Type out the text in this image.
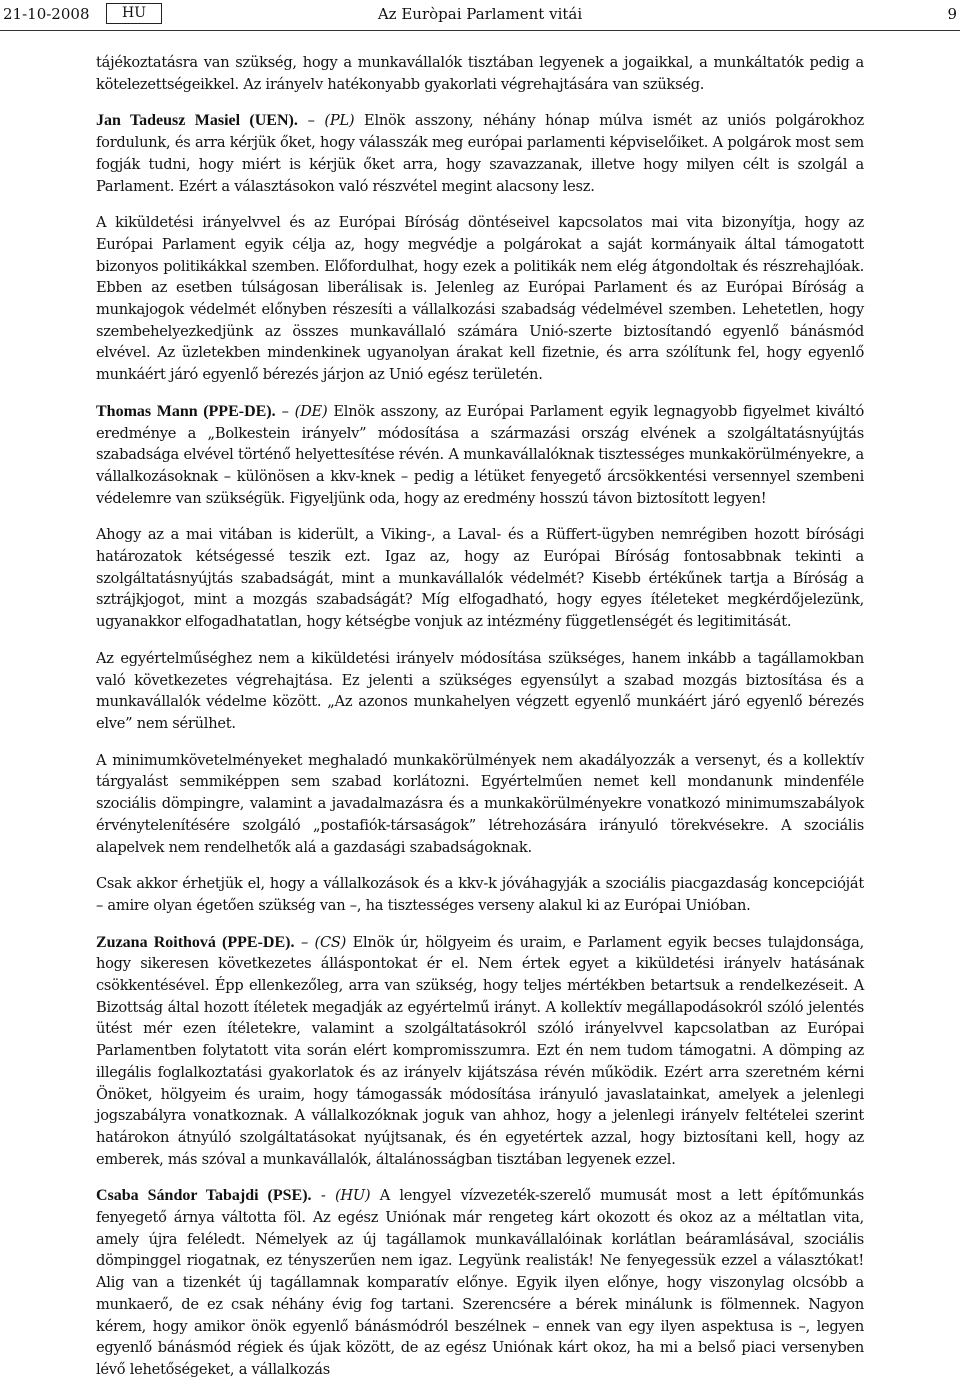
21-10-2008	HU	Az Euròpai Parlament vitái	9

tájékoztatásra van szükség, hogy a munkavállalók tisztában legyenek a jogaikkal, a munkáltatók pedig a kötelezettségeikkel. Az irányelv hatékonyabb gyakorlati végrehajtására van szükség.

Jan Tadeusz Masiel (UEN). – (PL) Elnök asszony, néhány hónap múlva ismét az uniós polgárokhoz fordulunk, és arra kérjük őket, hogy válasszák meg európai parlamenti képviselőiket. A polgárok most sem fogják tudni, hogy miért is kérjük őket arra, hogy szavazzanak, illetve hogy milyen célt is szolgál a Parlament. Ezért a választásokon való részvétel megint alacsony lesz.

A kiküldetési irányelvvel és az Európai Bíróság döntéseivel kapcsolatos mai vita bizonyítja, hogy az Európai Parlament egyik célja az, hogy megvédje a polgárokat a saját kormányaik által támogatott bizonyos politikákkal szemben. Előfordulhat, hogy ezek a politikák nem elég átgondoltak és részrehajlóak. Ebben az esetben túlságosan liberálisak is. Jelenleg az Európai Parlament és az Európai Bíróság a munkajogok védelmét előnyben részesíti a vállalkozási szabadság védelmével szemben. Lehetetlen, hogy szembehelyezkedjünk az összes munkavállaló számára Unió-szerte biztosítandó egyenlő bánásmód elvével. Az üzletekben mindenkinek ugyanolyan árakat kell fizetnie, és arra szólítunk fel, hogy egyenlő munkáért járó egyenlő bérezés járjon az Unió egész területén.

Thomas Mann (PPE-DE). – (DE) Elnök asszony, az Európai Parlament egyik legnagyobb figyelmet kiváltó eredménye a „Bolkestein irányelv” módosítása a származási ország elvének a szolgáltatásnyújtás szabadsága elvével történő helyettesítése révén. A munkavállalóknak tisztességes munkakörülményekre, a vállalkozásoknak – különösen a kkv-knek – pedig a létüket fenyegető árcsökkentési versennyel szembeni védelemre van szükségük. Figyeljünk oda, hogy az eredmény hosszú távon biztosított legyen!

Ahogy az a mai vitában is kiderült, a Viking-, a Laval- és a Rüffert-ügyben nemrégiben hozott bírósági határozatok kétségessé teszik ezt. Igaz az, hogy az Európai Bíróság fontosabbnak tekinti a szolgáltatásnyújtás szabadságát, mint a munkavállalók védelmét? Kisebb értékűnek tartja a Bíróság a sztrájkjogot, mint a mozgás szabadságát? Míg elfogadható, hogy egyes ítéleteket megkérdőjelezünk, ugyanakkor elfogadhatatlan, hogy kétségbe vonjuk az intézmény függetlenségét és legitimitását.

Az egyértelműséghez nem a kiküldetési irányelv módosítása szükséges, hanem inkább a tagállamokban való következetes végrehajtása. Ez jelenti a szükséges egyensúlyt a szabad mozgás biztosítása és a munkavállalók védelme között. „Az azonos munkahelyen végzett egyenlő munkáért járó egyenlő bérezés elve” nem sérülhet.

A minimumkövetelményeket meghaladó munkakörülmények nem akadályozzák a versenyt, és a kollektív tárgyalást semmiképpen sem szabad korlátozni. Egyértelműen nemet kell mondanunk mindenféle szociális dömpingre, valamint a javadalmazásra és a munkakörülményekre vonatkozó minimumszabályok érvénytelenítésére szolgáló „postafiók-társaságok” létrehozására irányuló törekvésekre. A szociális alapelvek nem rendelhetők alá a gazdasági szabadságoknak.

Csak akkor érhetjük el, hogy a vállalkozások és a kkv-k jóváhagyják a szociális piacgazdaság koncepcióját – amire olyan égetően szükség van –, ha tisztességes verseny alakul ki az Európai Unióban.

Zuzana Roithová (PPE-DE). – (CS) Elnök úr, hölgyeim és uraim, e Parlament egyik becses tulajdonsága, hogy sikeresen következetes álláspontokat ér el. Nem értek egyet a kiküldetési irányelv hatásának csökkentésével. Épp ellenkezőleg, arra van szükség, hogy teljes mértékben betartsuk a rendelkezéseit. A Bizottság által hozott ítéletek megadják az egyértelmű irányt. A kollektív megállapodásokról szóló jelentés ütést mér ezen ítéletekre, valamint a szolgáltatásokról szóló irányelvvel kapcsolatban az Európai Parlamentben folytatott vita során elért kompromisszumra. Ezt én nem tudom támogatni. A dömping az illegális foglalkoztatási gyakorlatok és az irányelv kijátszása révén működik. Ezért arra szeretném kérni Önöket, hölgyeim és uraim, hogy támogassák módosítása irányuló javaslatainkat, amelyek a jelenlegi jogszabályra vonatkoznak. A vállalkozóknak joguk van ahhoz, hogy a jelenlegi irányelv feltételei szerint határokon átnyúló szolgáltatásokat nyújtsanak, és én egyetértek azzal, hogy biztosítani kell, hogy az emberek, más szóval a munkavállalók, általánosságban tisztában legyenek ezzel.

Csaba Sándor Tabajdi (PSE). - (HU) A lengyel vízvezeték-szerelő mumusát most a lett építőmunkás fenyegető árnya váltotta föl. Az egész Uniónak már rengeteg kárt okozott és okoz az a méltatlan vita, amely újra feléledt. Némelyek az új tagállamok munkavállalóinak korlátlan beáramlásával, szociális dömpinggel riogatnak, ez tényszerűen nem igaz. Legyünk realisták! Ne fenyegessük ezzel a választókat! Alig van a tizenkét új tagállamnak komparatív előnye. Egyik ilyen előnye, hogy viszonylag olcsóbb a munkaerő, de ez csak néhány évig fog tartani. Szerencsére a bérek minálunk is fölmennek. Nagyon kérem, hogy amikor önök egyenlő bánásmódról beszélnek – ennek van egy ilyen aspektusa is –, legyen egyenlő bánásmód régiek és újak között, de az egész Uniónak kárt okoz, ha mi a belső piaci versenyben lévő lehetőségeket, a vállalkozás
